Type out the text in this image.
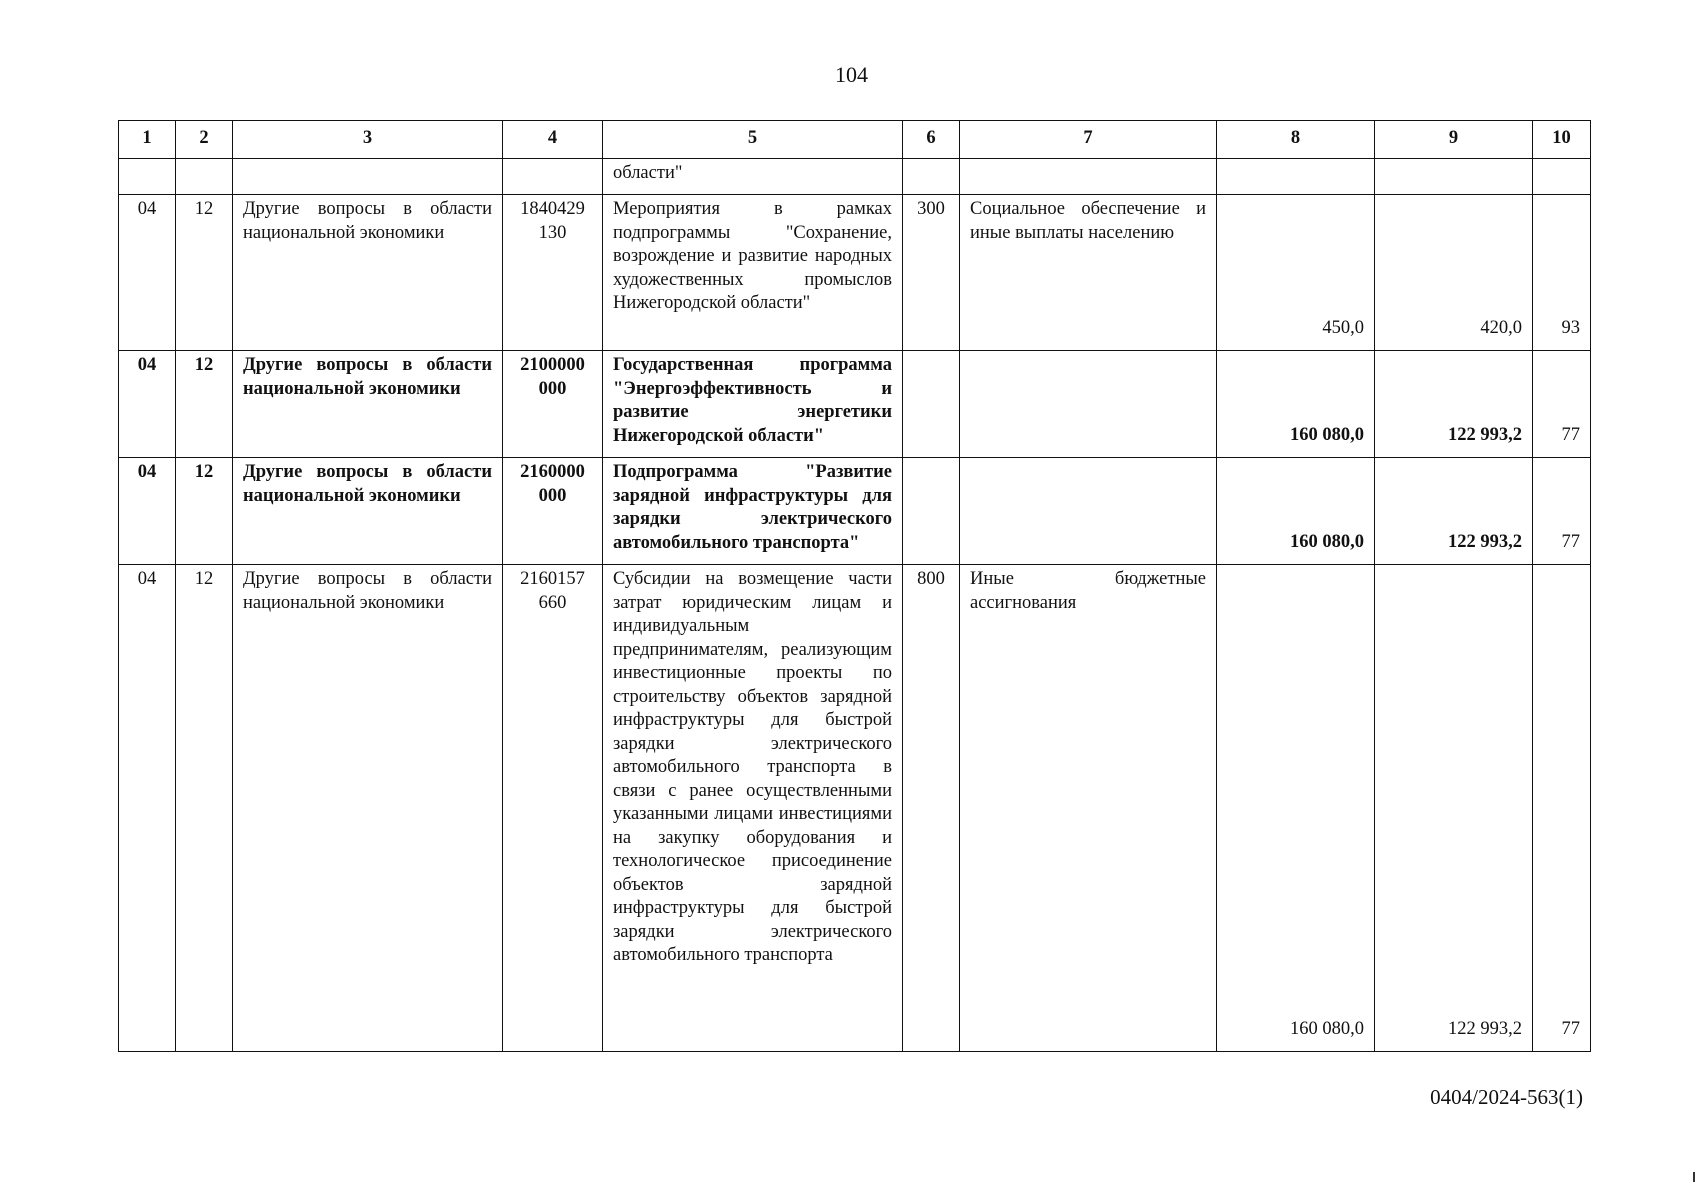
104
1	2	3	4	5	6	7	8	9	10
				области"					
04	12	Другие вопросы в области национальной экономики	1840429 130	Мероприятия в рамках подпрограммы "Сохранение, возрождение и развитие народных художественных промыслов Нижегородской области"	300	Социальное обеспечение и иные выплаты населению	450,0	420,0	93
04	12	Другие вопросы в области национальной экономики	2100000 000	Государственная программа "Энергоэффективность и развитие энергетики Нижегородской области"			160 080,0	122 993,2	77
04	12	Другие вопросы в области национальной экономики	2160000 000	Подпрограмма "Развитие зарядной инфраструктуры для зарядки электрического автомобильного транспорта"			160 080,0	122 993,2	77
04	12	Другие вопросы в области национальной экономики	2160157 660	Субсидии на возмещение части затрат юридическим лицам и индивидуальным предпринимателям, реализующим инвестиционные проекты по строительству объектов зарядной инфраструктуры для быстрой зарядки электрического автомобильного транспорта в связи с ранее осуществленными указанными лицами инвестициями на закупку оборудования и технологическое присоединение объектов зарядной инфраструктуры для быстрой зарядки электрического автомобильного транспорта	800	Иные бюджетные ассигнования	160 080,0	122 993,2	77
0404/2024-563(1)
